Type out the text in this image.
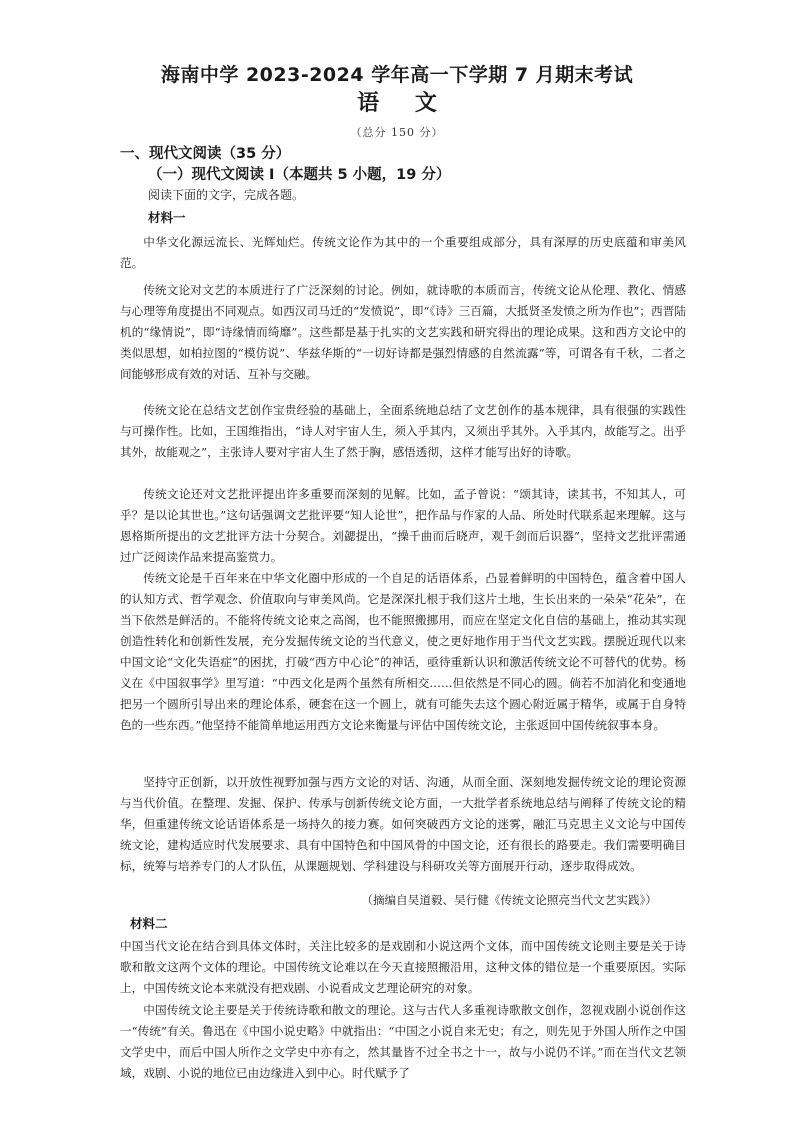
海南中学 2023-2024 学年高一下学期 7 月期末考试
语 文
（总分 150 分）
一、现代文阅读（35 分）
（一）现代文阅读 Ⅰ（本题共 5 小题，19 分）
阅读下面的文字，完成各题。
材料一

中华文化源远流长、光辉灿烂。传统文论作为其中的一个重要组成部分，具有深厚的历史底蕴和审美风范。

传统文论对文艺的本质进行了广泛深刻的讨论。例如，就诗歌的本质而言，传统文论从伦理、教化、情感与心理等角度提出不同观点。如西汉司马迁的“发愤说”，即“《诗》三百篇，大抵贤圣发愤之所为作也”；西晋陆机的“缘情说”，即“诗缘情而绮靡”。这些都是基于扎实的文艺实践和研究得出的理论成果。这和西方文论中的类似思想，如柏拉图的“模仿说”、华兹华斯的“一切好诗都是强烈情感的自然流露”等，可谓各有千秋，二者之间能够形成有效的对话、互补与交融。

传统文论在总结文艺创作宝贵经验的基础上，全面系统地总结了文艺创作的基本规律，具有很强的实践性与可操作性。比如，王国维指出，“诗人对宇宙人生，须入乎其内，又须出乎其外。入乎其内，故能写之。出乎其外，故能观之”，主张诗人要对宇宙人生了然于胸，感悟透彻，这样才能写出好的诗歌。

传统文论还对文艺批评提出许多重要而深刻的见解。比如，孟子曾说：“颂其诗，读其书，不知其人，可乎？是以论其世也。”这句话强调文艺批评要“知人论世”，把作品与作家的人品、所处时代联系起来理解。这与恩格斯所提出的文艺批评方法十分契合。刘勰提出，“操千曲而后晓声，观千剑而后识器”，坚持文艺批评需通过广泛阅读作品来提高鉴赏力。

传统文论是千百年来在中华文化圈中形成的一个自足的话语体系，凸显着鲜明的中国特色，蕴含着中国人的认知方式、哲学观念、价值取向与审美风尚。它是深深扎根于我们这片土地，生长出来的一朵朵“花朵”，在当下依然是鲜活的。不能将传统文论束之高阁，也不能照搬挪用，而应在坚定文化自信的基础上，推动其实现创造性转化和创新性发展，充分发掘传统文论的当代意义，使之更好地作用于当代文艺实践。摆脱近现代以来中国文论“文化失语症”的困扰，打破“西方中心论”的神话，亟待重新认识和激活传统文论不可替代的优势。杨义在《中国叙事学》里写道：“中西文化是两个虽然有所相交……但依然是不同心的圆。倘若不加消化和变通地把另一个圆所引导出来的理论体系，硬套在这一个圆上，就有可能失去这个圆心附近属于精华，或属于自身特色的一些东西。”他坚持不能简单地运用西方文论来衡量与评估中国传统文论，主张返回中国传统叙事本身。

坚持守正创新，以开放性视野加强与西方文论的对话、沟通，从而全面、深刻地发掘传统文论的理论资源与当代价值。在整理、发掘、保护、传承与创新传统文论方面，一大批学者系统地总结与阐释了传统文论的精华，但重建传统文论话语体系是一场持久的接力赛。如何突破西方文论的迷雾，融汇马克思主义文论与中国传统文论，建构适应时代发展要求、具有中国特色和中国风骨的中国文论，还有很长的路要走。我们需要明确目标，统筹与培养专门的人才队伍，从课题规划、学科建设与科研攻关等方面展开行动，逐步取得成效。

（摘编自吴道毅、吴行健《传统文论照亮当代文艺实践》）
材料二

中国当代文论在结合到具体文体时，关注比较多的是戏剧和小说这两个文体，而中国传统文论则主要是关于诗歌和散文这两个文体的理论。中国传统文论难以在今天直接照搬沿用，这种文体的错位是一个重要原因。实际上，中国传统文论本来就没有把戏剧、小说看成文艺理论研究的对象。

中国传统文论主要是关于传统诗歌和散文的理论。这与古代人多重视诗歌散文创作，忽视戏剧小说创作这一“传统”有关。鲁迅在《中国小说史略》中就指出：“中国之小说自来无史；有之，则先见于外国人所作之中国文学史中，而后中国人所作之文学史中亦有之，然其量皆不过全书之十一，故与小说仍不详。”而在当代文艺领域，戏剧、小说的地位已由边缘进入到中心。时代赋予了
